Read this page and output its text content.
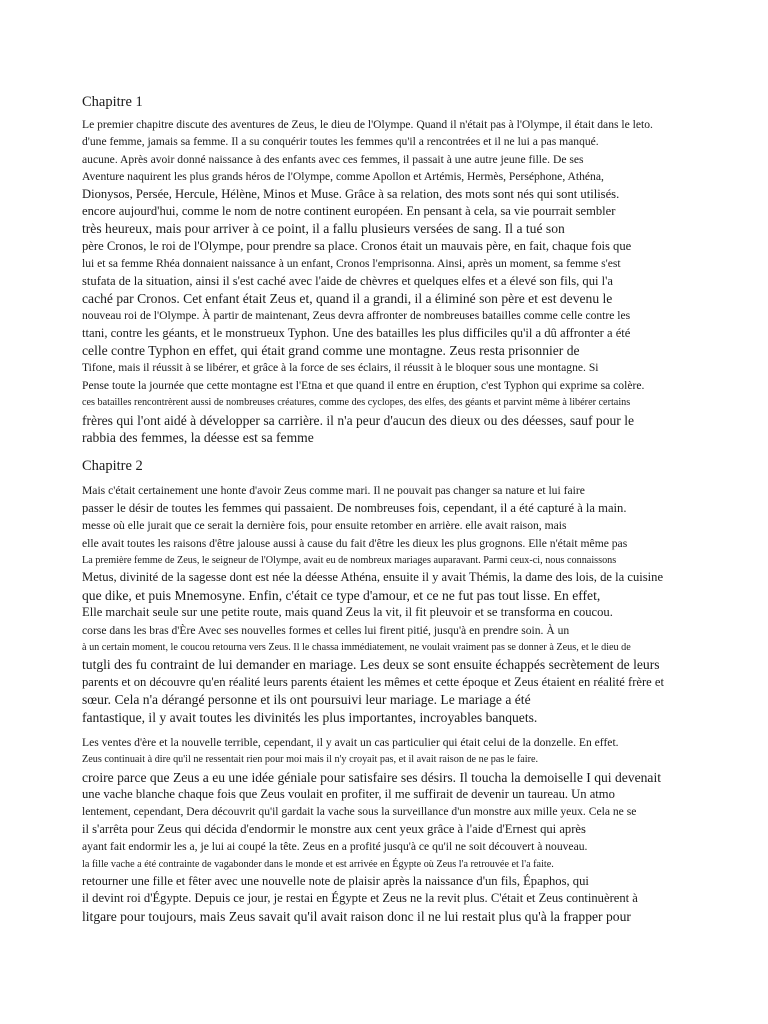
Chapitre 1
Le premier chapitre discute des aventures de Zeus, le dieu de l'Olympe. Quand il n'était pas à l'Olympe, il était dans le leto.
d'une femme, jamais sa femme. Il a su conquérir toutes les femmes qu'il a rencontrées et il ne lui a pas manqué.
aucune. Après avoir donné naissance à des enfants avec ces femmes, il passait à une autre jeune fille. De ses
Aventure naquirent les plus grands héros de l'Olympe, comme Apollon et Artémis, Hermès, Perséphone, Athéna,
Dionysos, Persée, Hercule, Hélène, Minos et Muse. Grâce à sa relation, des mots sont nés qui sont utilisés.
encore aujourd'hui, comme le nom de notre continent européen. En pensant à cela, sa vie pourrait sembler
très heureux, mais pour arriver à ce point, il a fallu plusieurs versées de sang. Il a tué son
père Cronos, le roi de l'Olympe, pour prendre sa place. Cronos était un mauvais père, en fait, chaque fois que
lui et sa femme Rhéa donnaient naissance à un enfant, Cronos l'emprisonna. Ainsi, après un moment, sa femme s'est
stufata de la situation, ainsi il s'est caché avec l'aide de chèvres et quelques elfes et a élevé son fils, qui l'a
caché par Cronos. Cet enfant était Zeus et, quand il a grandi, il a éliminé son père et est devenu le
nouveau roi de l'Olympe. À partir de maintenant, Zeus devra affronter de nombreuses batailles comme celle contre les
ttani, contre les géants, et le monstrueux Typhon. Une des batailles les plus difficiles qu'il a dû affronter a été
celle contre Typhon en effet, qui était grand comme une montagne. Zeus resta prisonnier de
Tifone, mais il réussit à se libérer, et grâce à la force de ses éclairs, il réussit à le bloquer sous une montagne. Si
Pense toute la journée que cette montagne est l'Etna et que quand il entre en éruption, c'est Typhon qui exprime sa colère.
ces batailles rencontrèrent aussi de nombreuses créatures, comme des cyclopes, des elfes, des géants et parvint même à libérer certains
frères qui l'ont aidé à développer sa carrière. il n'a peur d'aucun des dieux ou des déesses, sauf pour le
rabbia des femmes, la déesse est sa femme
Chapitre 2
Mais c'était certainement une honte d'avoir Zeus comme mari. Il ne pouvait pas changer sa nature et lui faire
passer le désir de toutes les femmes qui passaient. De nombreuses fois, cependant, il a été capturé à la main.
messe où elle jurait que ce serait la dernière fois, pour ensuite retomber en arrière. elle avait raison, mais
elle avait toutes les raisons d'être jalouse aussi à cause du fait d'être les dieux les plus grognons. Elle n'était même pas
La première femme de Zeus, le seigneur de l'Olympe, avait eu de nombreux mariages auparavant. Parmi ceux-ci, nous connaissons
Metus, divinité de la sagesse dont est née la déesse Athéna, ensuite il y avait Thémis, la dame des lois, de la cuisine
que dike, et puis Mnemosyne. Enfin, c'était ce type d'amour, et ce ne fut pas tout lisse. En effet,
Elle marchait seule sur une petite route, mais quand Zeus la vit, il fit pleuvoir et se transforma en coucou.
corse dans les bras d'Ère Avec ses nouvelles formes et celles lui firent pitié, jusqu'à en prendre soin. À un
à un certain moment, le coucou retourna vers Zeus. Il le chassa immédiatement, ne voulait vraiment pas se donner à Zeus, et le dieu de
tutgli des fu contraint de lui demander en mariage. Les deux se sont ensuite échappés secrètement de leurs
parents et on découvre qu'en réalité leurs parents étaient les mêmes et cette époque et Zeus étaient en réalité frère et
sœur. Cela n'a dérangé personne et ils ont poursuivi leur mariage. Le mariage a été
fantastique, il y avait toutes les divinités les plus importantes, incroyables banquets.
Les ventes d'ère et la nouvelle terrible, cependant, il y avait un cas particulier qui était celui de la donzelle. En effet.
Zeus continuait à dire qu'il ne ressentait rien pour moi mais il n'y croyait pas, et il avait raison de ne pas le faire.
croire parce que Zeus a eu une idée géniale pour satisfaire ses désirs. Il toucha la demoiselle I qui devenait
une vache blanche chaque fois que Zeus voulait en profiter, il me suffirait de devenir un taureau. Un atmo
lentement, cependant, Dera découvrit qu'il gardait la vache sous la surveillance d'un monstre aux mille yeux. Cela ne se
il s'arrêta pour Zeus qui décida d'endormir le monstre aux cent yeux grâce à l'aide d'Ernest qui après
ayant fait endormir les a, je lui ai coupé la tête. Zeus en a profité jusqu'à ce qu'il ne soit découvert à nouveau.
la fille vache a été contrainte de vagabonder dans le monde et est arrivée en Égypte où Zeus l'a retrouvée et l'a faite.
retourner une fille et fêter avec une nouvelle note de plaisir après la naissance d'un fils, Épaphos, qui
il devint roi d'Égypte. Depuis ce jour, je restai en Égypte et Zeus ne la revit plus. C'était et Zeus continuèrent à
litgare pour toujours, mais Zeus savait qu'il avait raison donc il ne lui restait plus qu'à la frapper pour
